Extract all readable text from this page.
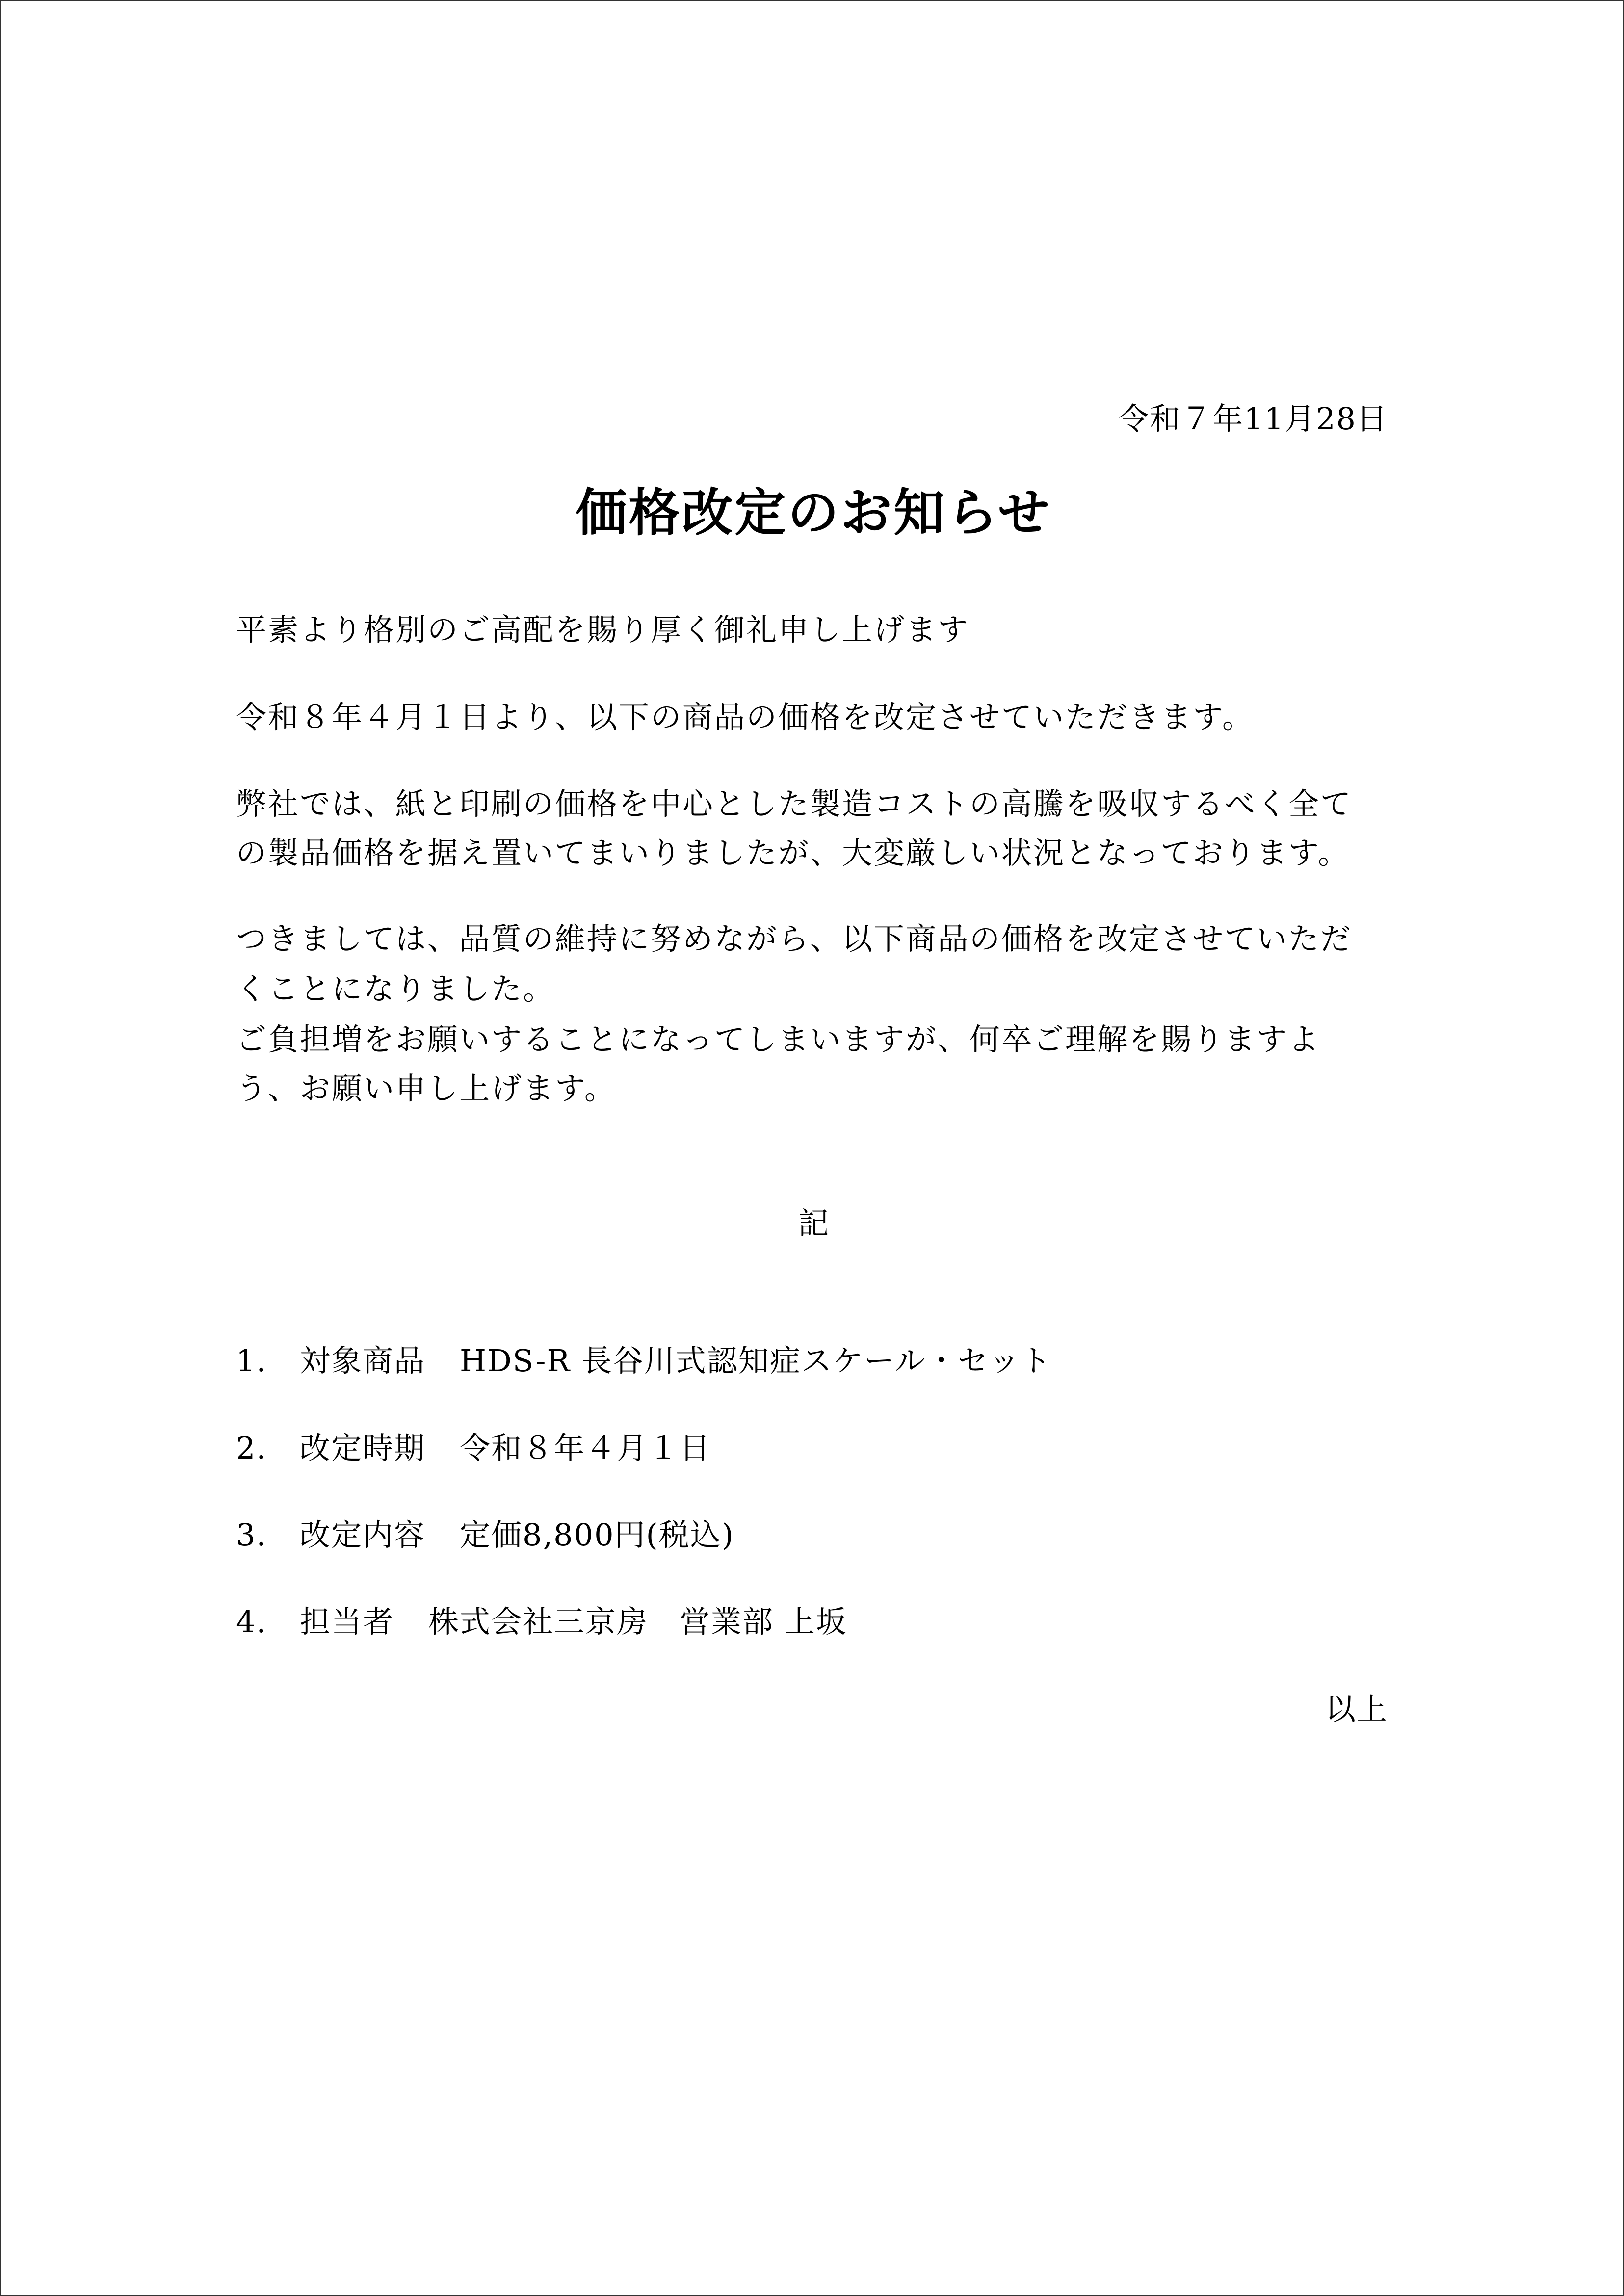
令和７年11月28日
価格改定のお知らせ
平素より格別のご高配を賜り厚く御礼申し上げます
令和８年４月１日より、以下の商品の価格を改定させていただきます。
弊社では、紙と印刷の価格を中心とした製造コストの高騰を吸収するべく全て
の製品価格を据え置いてまいりましたが、大変厳しい状況となっております。
つきましては、品質の維持に努めながら、以下商品の価格を改定させていただ
くことになりました。
ご負担増をお願いすることになってしまいますが、何卒ご理解を賜りますよ
う、お願い申し上げます。
記
1. 対象商品 HDS-R 長谷川式認知症スケール・セット
2. 改定時期 令和８年４月１日
3. 改定内容 定価8,800円(税込)
4. 担当者 株式会社三京房　営業部 上坂
以上
